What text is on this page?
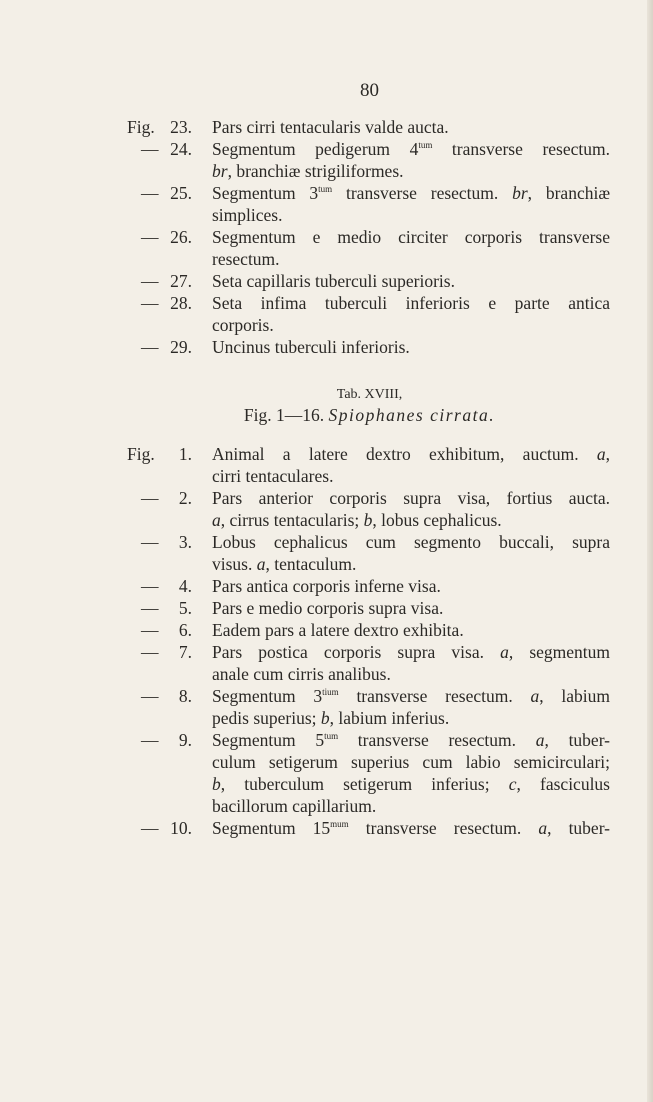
80
Fig. 23. Pars cirri tentacularis valde aucta.
— 24. Segmentum pedigerum $4^{tum}$ transverse resectum.
br, branchiæ strigiliformes.
— 25. Segmentum $3^{tum}$ transverse resectum. br, branchiæ
simplices.
— 26. Segmentum e medio circiter corporis transverse
resectum.
— 27. Seta capillaris tuberculi superioris.
— 28. Seta infima tuberculi inferioris e parte antica
corporis.
— 29. Uncinus tuberculi inferioris.
Tab. XVIII,
Fig. 1—16. Spiophanes cirrata.
Fig. 1. Animal a latere dextro exhibitum, auctum. a,
cirri tentaculares.
— 2. Pars anterior corporis supra visa, fortius aucta.
a, cirrus tentacularis; b, lobus cephalicus.
— 3. Lobus cephalicus cum segmento buccali, supra
visus. a, tentaculum.
— 4. Pars antica corporis inferne visa.
— 5. Pars e medio corporis supra visa.
— 6. Eadem pars a latere dextro exhibita.
— 7. Pars postica corporis supra visa. a, segmentum
anale cum cirris analibus.
— 8. Segmentum $3^{tium}$ transverse resectum. a, labium
pedis superius; b, labium inferius.
— 9. Segmentum $5^{tum}$ transverse resectum. a, tuber-
culum setigerum superius cum labio semicirculari;
b, tuberculum setigerum inferius; c, fasciculus
bacillorum capillarium.
— 10. Segmentum $15^{mum}$ transverse resectum. a, tuber-
